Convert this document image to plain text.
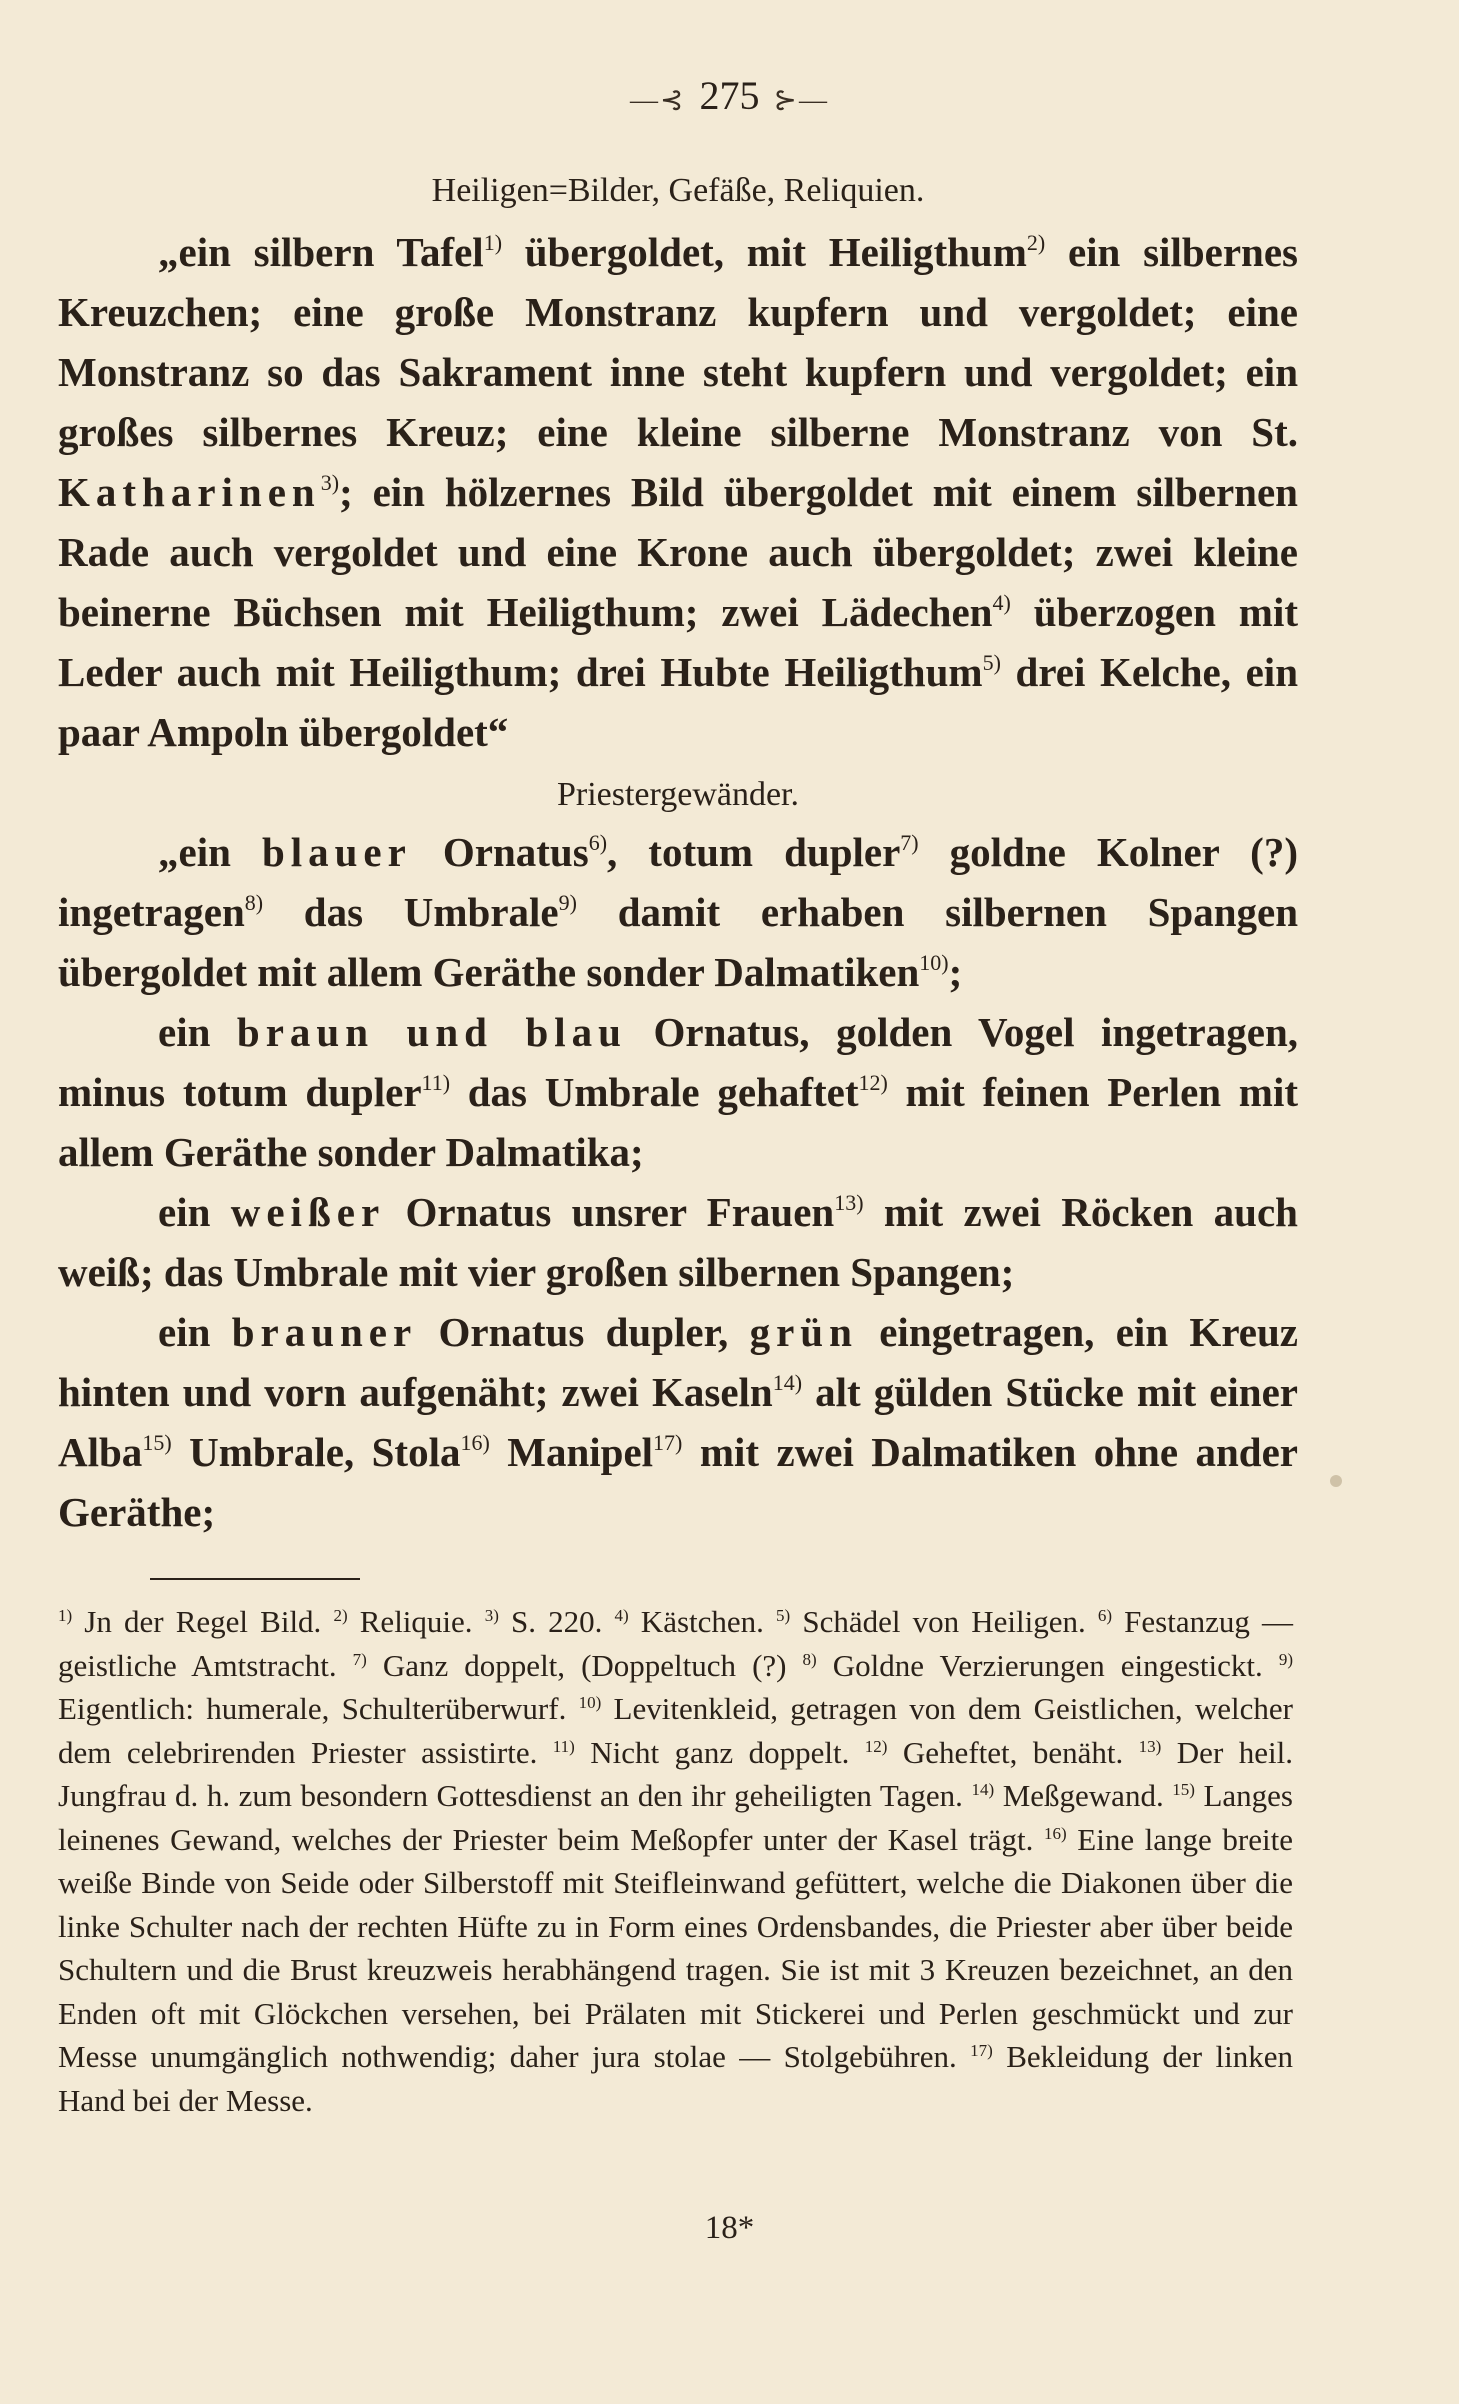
—⊰ 275 ⊱—

Heiligen=Bilder, Gefäße, Reliquien.

„ein silbern Tafel$^{1)}$ übergoldet, mit Heiligthum$^{2)}$ ein silbernes Kreuzchen; eine große Monstranz kupfern und vergoldet; eine Monstranz so das Sakrament inne steht kupfern und vergoldet; ein großes silbernes Kreuz; eine kleine silberne Monstranz von St. Katharinen$^{3)}$; ein hölzernes Bild übergoldet mit einem silbernen Rade auch vergoldet und eine Krone auch übergoldet; zwei kleine beinerne Büchsen mit Heiligthum; zwei Lädechen$^{4)}$ überzogen mit Leder auch mit Heiligthum; drei Hubte Heiligthum$^{5)}$ drei Kelche, ein paar Ampoln übergoldet“

Priestergewänder.

„ein blauer Ornatus$^{6)}$, totum dupler$^{7)}$ goldne Kolner (?) ingetragen$^{8)}$ das Umbrale$^{9)}$ damit erhaben silbernen Spangen übergoldet mit allem Geräthe sonder Dalmatiken$^{10)}$;

ein braun und blau Ornatus, golden Vogel ingetragen, minus totum dupler$^{11)}$ das Umbrale gehaftet$^{12)}$ mit feinen Perlen mit allem Geräthe sonder Dalmatika;

ein weißer Ornatus unsrer Frauen$^{13)}$ mit zwei Röcken auch weiß; das Umbrale mit vier großen silbernen Spangen;

ein brauner Ornatus dupler, grün eingetragen, ein Kreuz hinten und vorn aufgenäht; zwei Kaseln$^{14)}$ alt gülden Stücke mit einer Alba$^{15)}$ Umbrale, Stola$^{16)}$ Manipel$^{17)}$ mit zwei Dalmatiken ohne ander Geräthe;

$^{1)}$ Jn der Regel Bild. $^{2)}$ Reliquie. $^{3)}$ S. 220. $^{4)}$ Kästchen. $^{5)}$ Schädel von Heiligen. $^{6)}$ Festanzug — geistliche Amtstracht. $^{7)}$ Ganz doppelt, (Doppeltuch (?) $^{8)}$ Goldne Verzierungen eingestickt. $^{9)}$ Eigentlich: humerale, Schulterüberwurf. $^{10)}$ Levitenkleid, getragen von dem Geistlichen, welcher dem celebrirenden Priester assistirte. $^{11)}$ Nicht ganz doppelt. $^{12)}$ Geheftet, benäht. $^{13)}$ Der heil. Jungfrau d. h. zum besondern Gottesdienst an den ihr geheiligten Tagen. $^{14)}$ Meßgewand. $^{15)}$ Langes leinenes Gewand, welches der Priester beim Meßopfer unter der Kasel trägt. $^{16)}$ Eine lange breite weiße Binde von Seide oder Silberstoff mit Steifleinwand gefüttert, welche die Diakonen über die linke Schulter nach der rechten Hüfte zu in Form eines Ordensbandes, die Priester aber über beide Schultern und die Brust kreuzweis herabhängend tragen. Sie ist mit 3 Kreuzen bezeichnet, an den Enden oft mit Glöckchen versehen, bei Prälaten mit Stickerei und Perlen geschmückt und zur Messe unumgänglich nothwendig; daher jura stolae — Stolgebühren. $^{17)}$ Bekleidung der linken Hand bei der Messe.
18*
